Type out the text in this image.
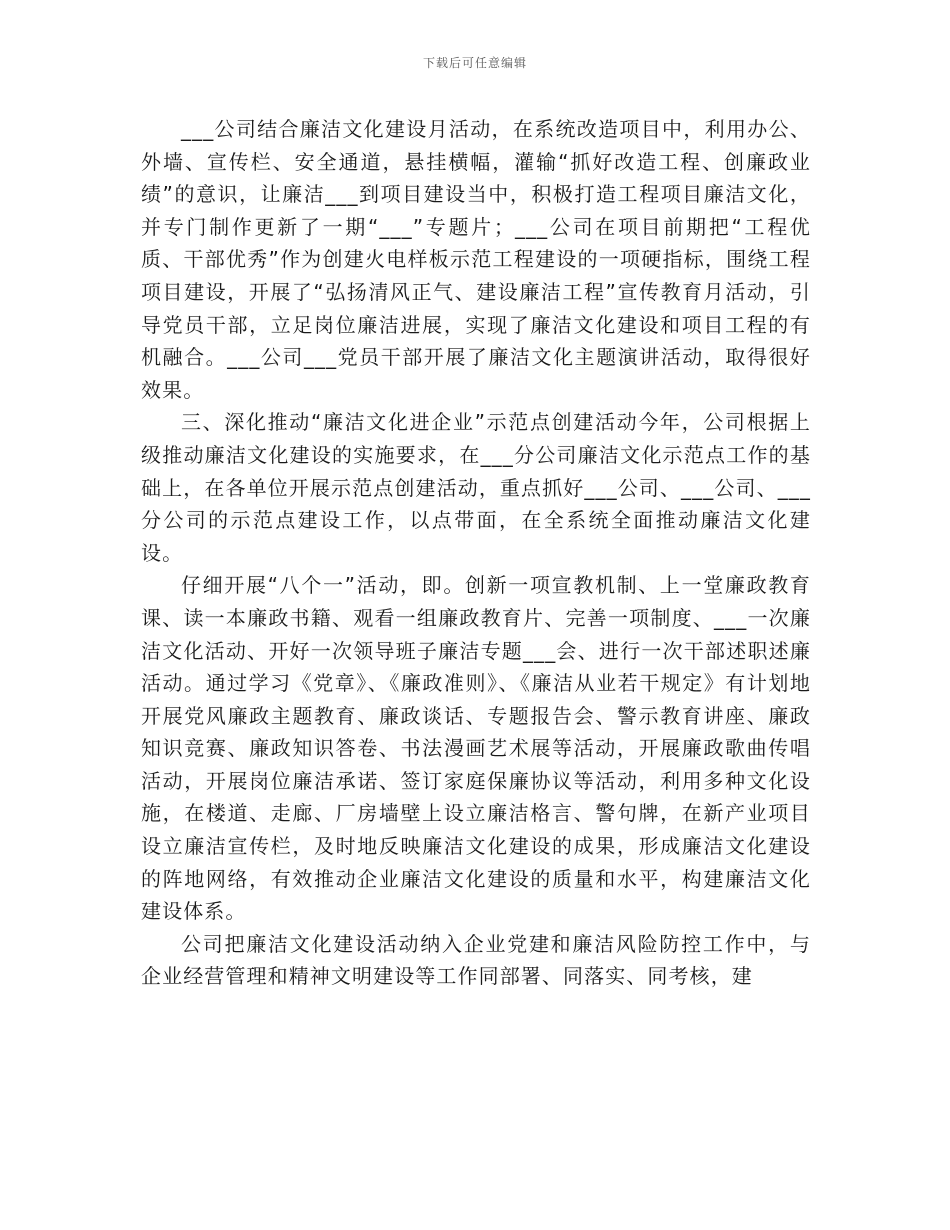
下载后可任意编辑

___公司结合廉洁文化建设月活动，在系统改造项目中，利用办公、外墙、宣传栏、安全通道，悬挂横幅，灌输“抓好改造工程、创廉政业绩”的意识，让廉洁___到项目建设当中，积极打造工程项目廉洁文化，并专门制作更新了一期“___”专题片；___公司在项目前期把“工程优质、干部优秀”作为创建火电样板示范工程建设的一项硬指标，围绕工程项目建设，开展了“弘扬清风正气、建设廉洁工程”宣传教育月活动，引导党员干部，立足岗位廉洁进展，实现了廉洁文化建设和项目工程的有机融合。___公司___党员干部开展了廉洁文化主题演讲活动，取得很好效果。

三、深化推动“廉洁文化进企业”示范点创建活动今年，公司根据上级推动廉洁文化建设的实施要求，在___分公司廉洁文化示范点工作的基础上，在各单位开展示范点创建活动，重点抓好___公司、___公司、___分公司的示范点建设工作，以点带面，在全系统全面推动廉洁文化建设。

仔细开展“八个一”活动，即。创新一项宣教机制、上一堂廉政教育课、读一本廉政书籍、观看一组廉政教育片、完善一项制度、___一次廉洁文化活动、开好一次领导班子廉洁专题___会、进行一次干部述职述廉活动。通过学习《党章》、《廉政准则》、《廉洁从业若干规定》有计划地开展党风廉政主题教育、廉政谈话、专题报告会、警示教育讲座、廉政知识竞赛、廉政知识答卷、书法漫画艺术展等活动，开展廉政歌曲传唱活动，开展岗位廉洁承诺、签订家庭保廉协议等活动，利用多种文化设施，在楼道、走廊、厂房墙壁上设立廉洁格言、警句牌，在新产业项目设立廉洁宣传栏，及时地反映廉洁文化建设的成果，形成廉洁文化建设的阵地网络，有效推动企业廉洁文化建设的质量和水平，构建廉洁文化建设体系。

公司把廉洁文化建设活动纳入企业党建和廉洁风险防控工作中，与企业经营管理和精神文明建设等工作同部署、同落实、同考核，建
